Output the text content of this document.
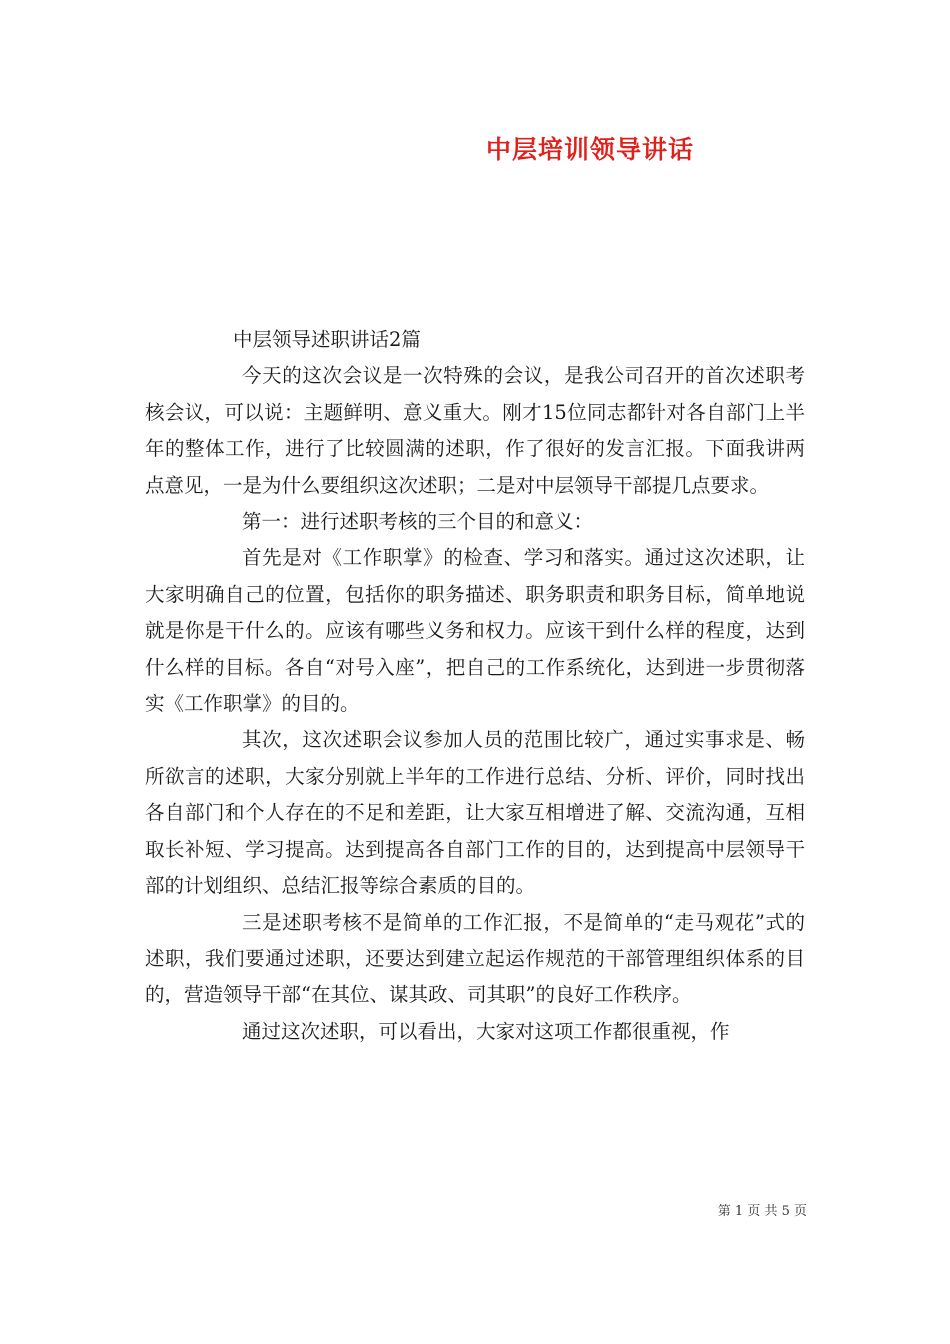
中层培训领导讲话

中层领导述职讲话2篇

今天的这次会议是一次特殊的会议，是我公司召开的首次述职考核会议，可以说：主题鲜明、意义重大。刚才15位同志都针对各自部门上半年的整体工作，进行了比较圆满的述职，作了很好的发言汇报。下面我讲两点意见，一是为什么要组织这次述职；二是对中层领导干部提几点要求。

第一：进行述职考核的三个目的和意义：

首先是对《工作职掌》的检查、学习和落实。通过这次述职，让大家明确自己的位置，包括你的职务描述、职务职责和职务目标，简单地说就是你是干什么的。应该有哪些义务和权力。应该干到什么样的程度，达到什么样的目标。各自“对号入座”，把自己的工作系统化，达到进一步贯彻落实《工作职掌》的目的。

其次，这次述职会议参加人员的范围比较广，通过实事求是、畅所欲言的述职，大家分别就上半年的工作进行总结、分析、评价，同时找出各自部门和个人存在的不足和差距，让大家互相增进了解、交流沟通，互相取长补短、学习提高。达到提高各自部门工作的目的，达到提高中层领导干部的计划组织、总结汇报等综合素质的目的。

三是述职考核不是简单的工作汇报，不是简单的“走马观花”式的述职，我们要通过述职，还要达到建立起运作规范的干部管理组织体系的目的，营造领导干部“在其位、谋其政、司其职”的良好工作秩序。

通过这次述职，可以看出，大家对这项工作都很重视，作

第 1 页 共 5 页
